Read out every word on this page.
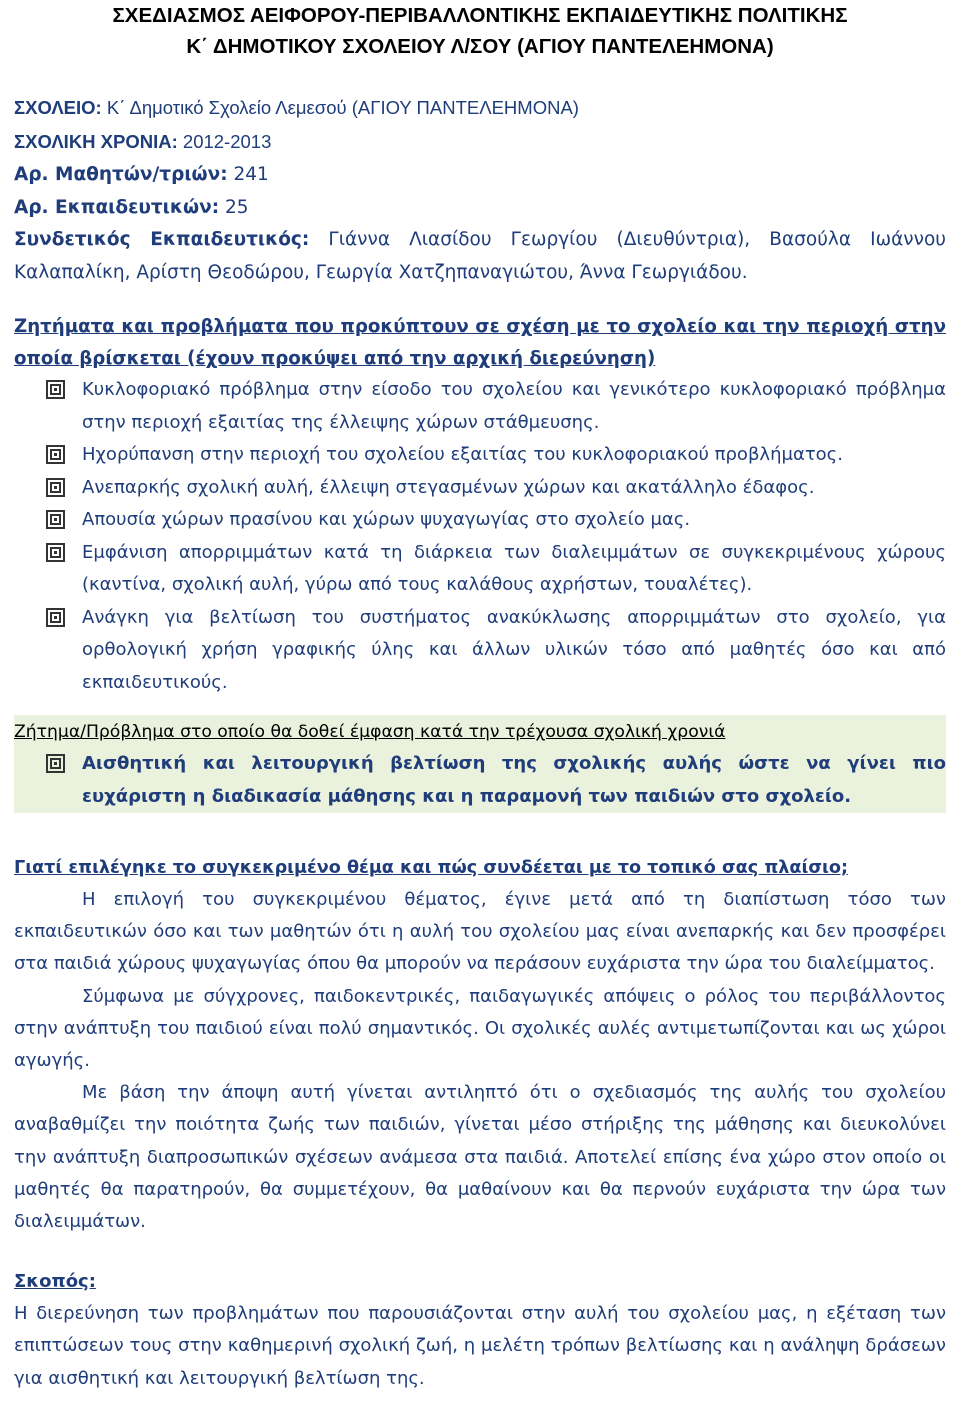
ΣΧΕΔΙΑΣΜΟΣ ΑΕΙΦΟΡΟΥ-ΠΕΡΙΒΑΛΛΟΝΤΙΚΗΣ ΕΚΠΑΙΔΕΥΤΙΚΗΣ ΠΟΛΙΤΙΚΗΣ

Κ΄ ΔΗΜΟΤΙΚΟΥ ΣΧΟΛΕΙΟΥ Λ/ΣΟΥ (ΑΓΙΟΥ ΠΑΝΤΕΛΕΗΜΟΝΑ)

ΣΧΟΛΕΙΟ: Κ΄ Δημοτικό Σχολείο Λεμεσού (ΑΓΙΟΥ ΠΑΝΤΕΛΕΗΜΟΝΑ)
ΣΧΟΛΙΚΗ ΧΡΟΝΙΑ: 2012-2013
Αρ. Μαθητών/τριών: 241
Αρ. Εκπαιδευτικών: 25
Συνδετικός Εκπαιδευτικός: Γιάννα Λιασίδου Γεωργίου (Διευθύντρια), Βασούλα Ιωάννου Καλαπαλίκη, Αρίστη Θεοδώρου, Γεωργία Χατζηπαναγιώτου, Άννα Γεωργιάδου.
Ζητήματα και προβλήματα που προκύπτουν σε σχέση με το σχολείο και την περιοχή στην οποία βρίσκεται (έχουν προκύψει από την αρχική διερεύνηση)
Κυκλοφοριακό πρόβλημα στην είσοδο του σχολείου και γενικότερο κυκλοφοριακό πρόβλημα στην περιοχή εξαιτίας της έλλειψης χώρων στάθμευσης.
Ηχορύπανση στην περιοχή του σχολείου εξαιτίας του κυκλοφοριακού προβλήματος.
Ανεπαρκής σχολική αυλή, έλλειψη στεγασμένων χώρων και ακατάλληλο έδαφος.
Απουσία χώρων πρασίνου και χώρων ψυχαγωγίας στο σχολείο μας.
Εμφάνιση απορριμμάτων κατά τη διάρκεια των διαλειμμάτων σε συγκεκριμένους χώρους (καντίνα, σχολική αυλή, γύρω από τους καλάθους αχρήστων, τουαλέτες).
Ανάγκη για βελτίωση του συστήματος ανακύκλωσης απορριμμάτων στο σχολείο, για ορθολογική χρήση γραφικής ύλης και άλλων υλικών τόσο από μαθητές όσο και από εκπαιδευτικούς.
Ζήτημα/Πρόβλημα στο οποίο θα δοθεί έμφαση κατά την τρέχουσα σχολική χρονιά
Αισθητική και λειτουργική βελτίωση της σχολικής αυλής ώστε να γίνει πιο ευχάριστη η διαδικασία μάθησης και η παραμονή των παιδιών στο σχολείο.
Γιατί επιλέγηκε το συγκεκριμένο θέμα και πώς συνδέεται με το τοπικό σας πλαίσιο;

Η επιλογή του συγκεκριμένου θέματος, έγινε μετά από τη διαπίστωση τόσο των εκπαιδευτικών όσο και των μαθητών ότι η αυλή του σχολείου μας είναι ανεπαρκής και δεν προσφέρει στα παιδιά χώρους ψυχαγωγίας όπου θα μπορούν να περάσουν ευχάριστα την ώρα του διαλείμματος.

Σύμφωνα με σύγχρονες, παιδοκεντρικές, παιδαγωγικές απόψεις ο ρόλος του περιβάλλοντος στην ανάπτυξη του παιδιού είναι πολύ σημαντικός. Οι σχολικές αυλές αντιμετωπίζονται και ως χώροι αγωγής.

Με βάση την άποψη αυτή γίνεται αντιληπτό ότι ο σχεδιασμός της αυλής του σχολείου αναβαθμίζει την ποιότητα ζωής των παιδιών, γίνεται μέσο στήριξης της μάθησης και διευκολύνει την ανάπτυξη διαπροσωπικών σχέσεων ανάμεσα στα παιδιά. Αποτελεί επίσης ένα χώρο στον οποίο οι μαθητές θα παρατηρούν, θα συμμετέχουν, θα μαθαίνουν και θα περνούν ευχάριστα την ώρα των διαλειμμάτων.

Σκοπός:

Η διερεύνηση των προβλημάτων που παρουσιάζονται στην αυλή του σχολείου μας, η εξέταση των επιπτώσεων τους στην καθημερινή σχολική ζωή, η μελέτη τρόπων βελτίωσης και η ανάληψη δράσεων για αισθητική και λειτουργική βελτίωση της.
